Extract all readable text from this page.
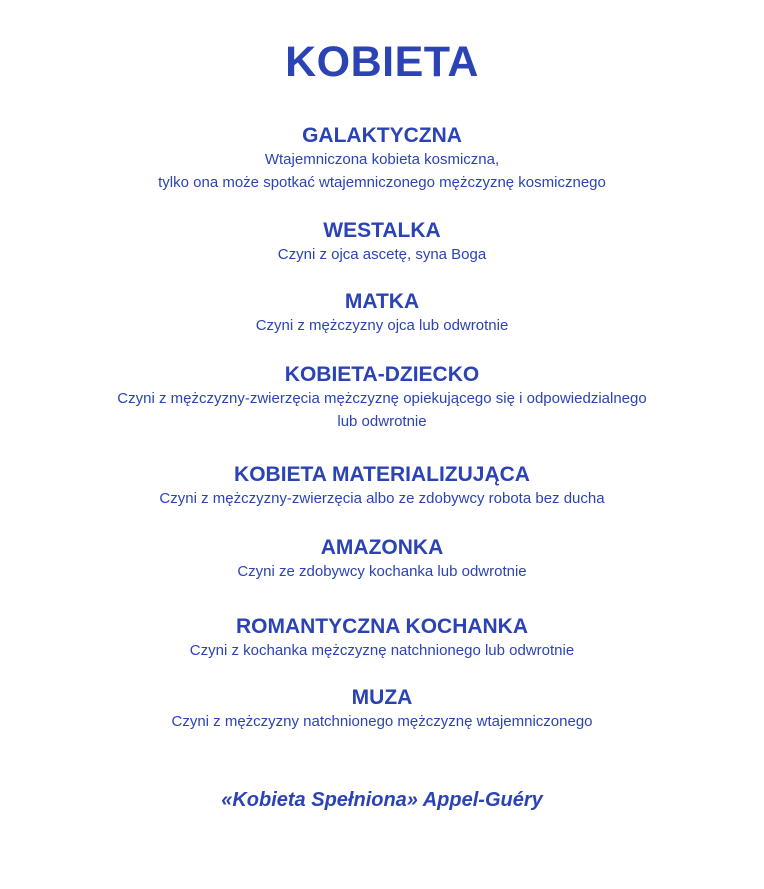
KOBIETA
GALAKTYCZNA
Wtajemniczona kobieta kosmiczna,
tylko ona może spotkać wtajemniczonego mężczyznę kosmicznego
WESTALKA
Czyni z ojca ascetę, syna Boga
MATKA
Czyni z mężczyzny ojca lub odwrotnie
KOBIETA-DZIECKO
Czyni z mężczyzny-zwierzęcia mężczyznę opiekującego się i odpowiedzialnego
lub odwrotnie
KOBIETA MATERIALIZUJĄCA
Czyni z mężczyzny-zwierzęcia albo ze zdobywcy robota bez ducha
AMAZONKA
Czyni ze zdobywcy kochanka lub odwrotnie
ROMANTYCZNA KOCHANKA
Czyni z kochanka mężczyznę natchnionego lub odwrotnie
MUZA
Czyni z mężczyzny natchnionego mężczyznę wtajemniczonego
«Kobieta Spełniona» Appel-Guéry
